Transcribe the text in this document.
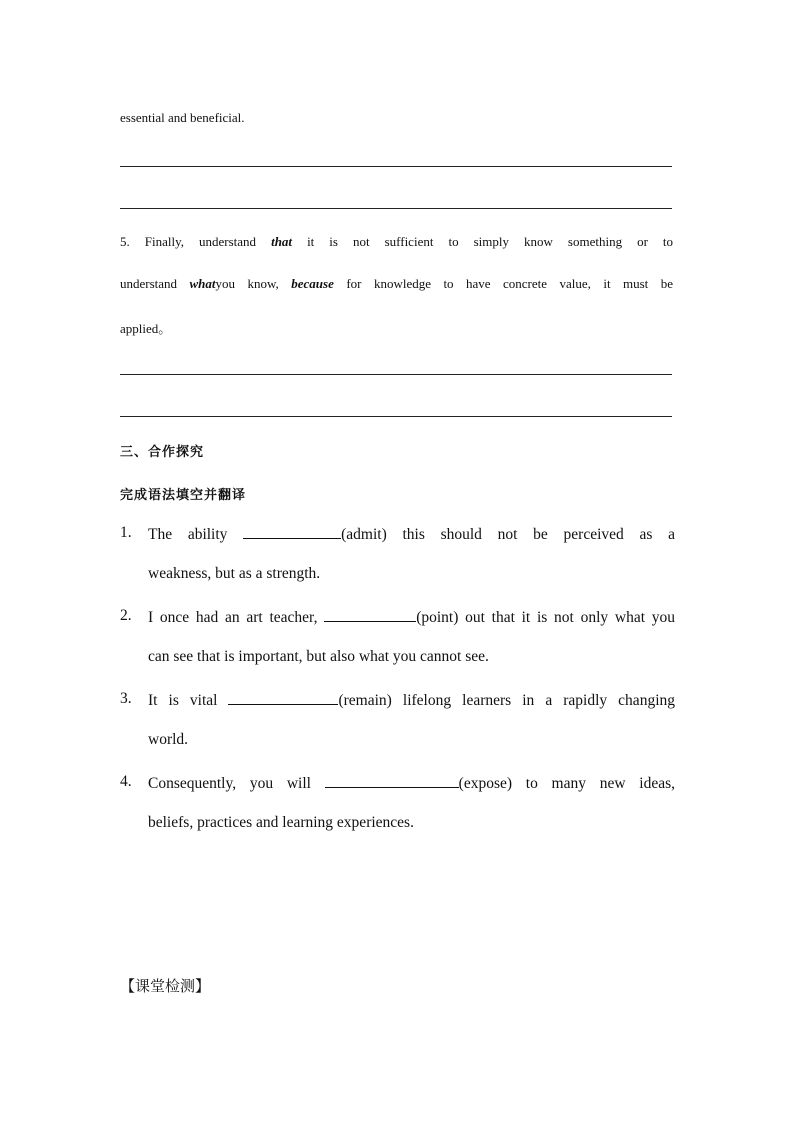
essential and beneficial.
5. Finally, understand that it is not sufficient to simply know something or to
understand whatyou know, because for knowledge to have concrete value, it must be
applied。
三、合作探究
完成语法填空并翻译
1. The ability	(admit) this should not be perceived as a
weakness, but as a strength.
2. I once had an art teacher,	(point) out that it is not only what you
can see that is important, but also what you cannot see.
3. It is vital	(remain) lifelong learners in a rapidly changing
world.
4. Consequently, you will	(expose) to many new ideas,
beliefs, practices and learning experiences.
【课堂检测】
